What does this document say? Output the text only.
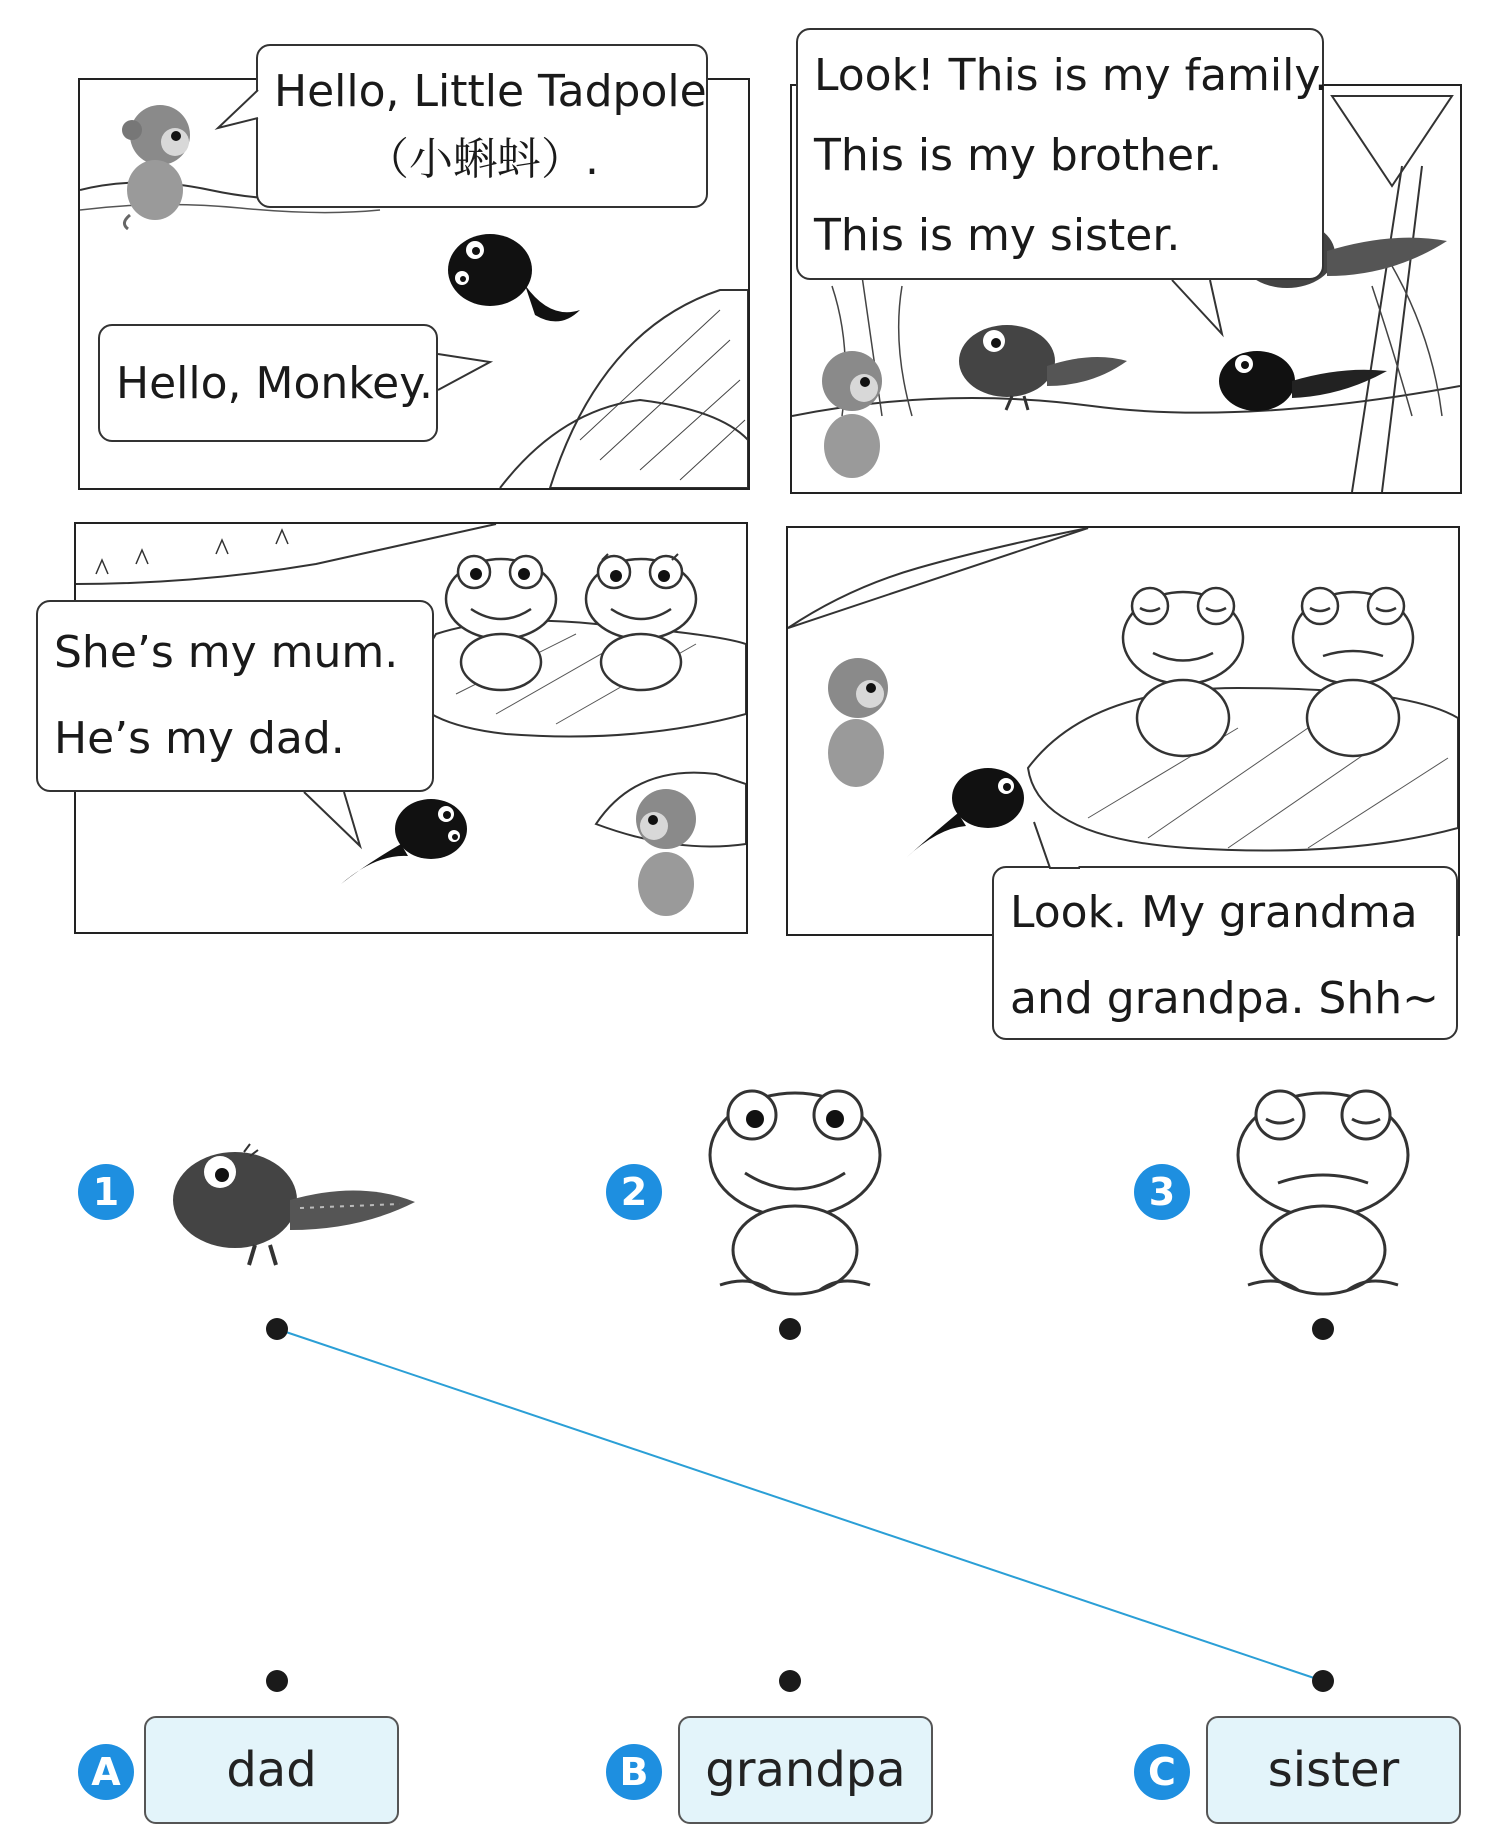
Hello, Little Tadpole
（小蝌蚪）.
Hello, Monkey.
Look! This is my family.
This is my brother.
This is my sister.
She’s my mum.
He’s my dad.
Look. My grandma
and grandpa. Shh~
1	2	3
A	dad	B	grandpa	C	sister
